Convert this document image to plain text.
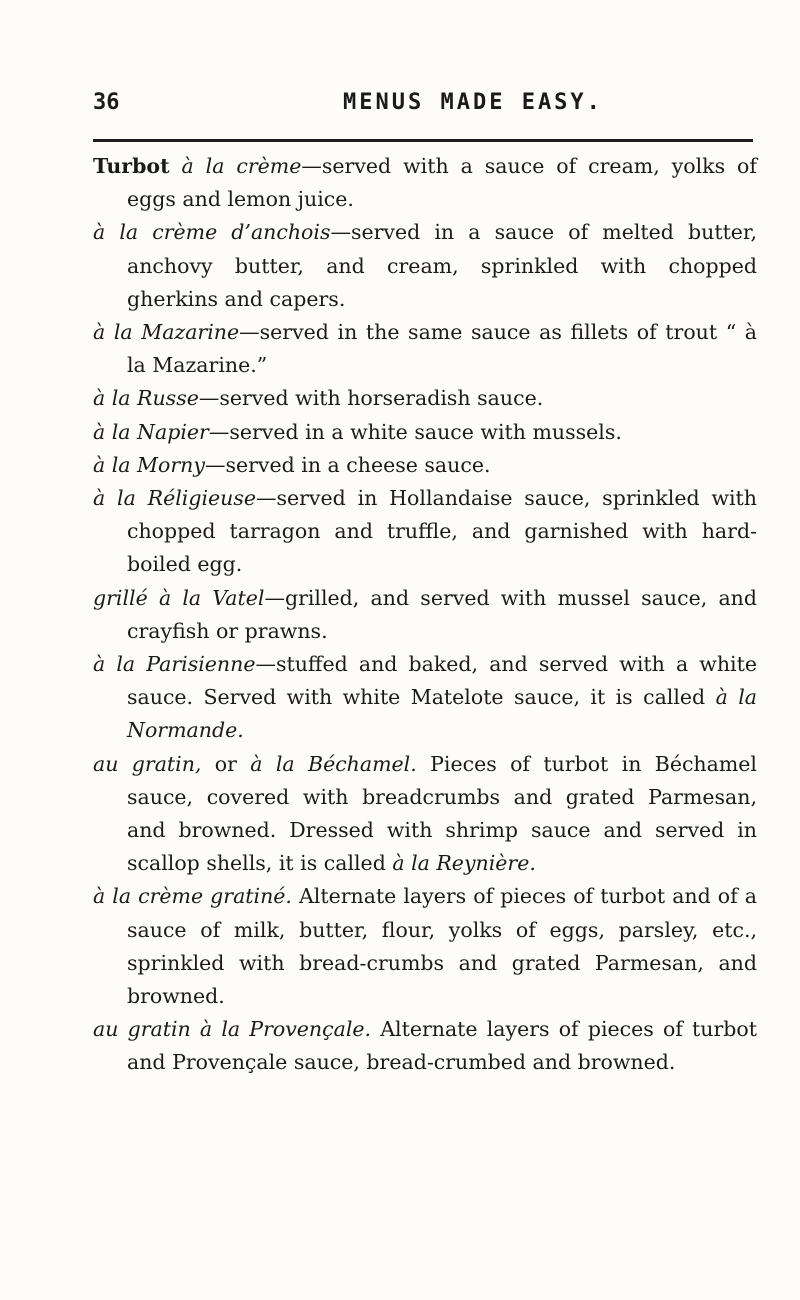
36	MENUS MADE EASY.

Turbot à la crème—served with a sauce of cream, yolks of eggs and lemon juice.

à la crème d’anchois—served in a sauce of melted butter, anchovy butter, and cream, sprinkled with chopped gherkins and capers.

à la Mazarine—served in the same sauce as fillets of trout “ à la Mazarine.”

à la Russe—served with horseradish sauce.

à la Napier—served in a white sauce with mussels.

à la Morny—served in a cheese sauce.

à la Réligieuse—served in Hollandaise sauce, sprinkled with chopped tarragon and truffle, and garnished with hard-boiled egg.

grillé à la Vatel—grilled, and served with mussel sauce, and crayfish or prawns.

à la Parisienne—stuffed and baked, and served with a white sauce. Served with white Matelote sauce, it is called à la Normande.

au gratin, or à la Béchamel. Pieces of turbot in Béchamel sauce, covered with breadcrumbs and grated Parmesan, and browned. Dressed with shrimp sauce and served in scallop shells, it is called à la Reynière.

à la crème gratiné. Alternate layers of pieces of turbot and of a sauce of milk, butter, flour, yolks of eggs, parsley, etc., sprinkled with bread-crumbs and grated Parmesan, and browned.

au gratin à la Provençale. Alternate layers of pieces of turbot and Provençale sauce, bread-crumbed and browned.
